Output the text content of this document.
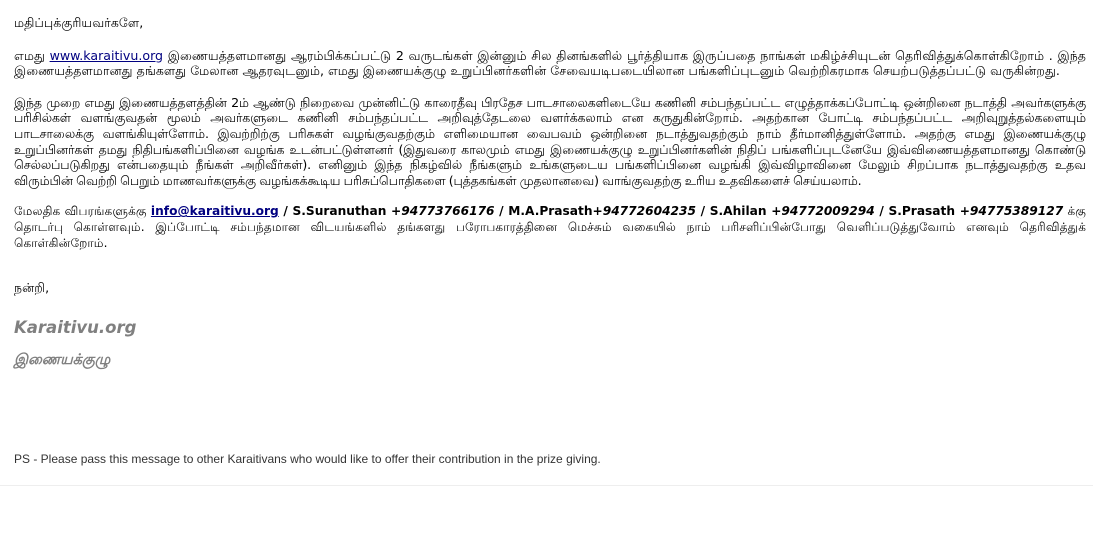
மதிப்புக்குரியவர்களே,

எமது www.karaitivu.org இணையத்தளமானது ஆரம்பிக்கப்பட்டு 2 வருடங்கள் இன்னும் சில தினங்களில் பூர்த்தியாக இருப்பதை நாங்கள் மகிழ்ச்சியுடன் தெரிவித்துக்கொள்கிறோம் . இந்த இணையத்தளமானது தங்களது மேலான ஆதரவுடனும், எமது இணையக்குழு உறுப்பினர்களின் சேவையடிபடையிலான பங்களிப்புடனும் வெற்றிகரமாக செயற்படுத்தப்பட்டு வருகின்றது.

இந்த முறை எமது இணையத்தளத்தின் 2ம் ஆண்டு நிறைவை முன்னிட்டு காரைதீவு பிரதேச பாடசாலைகளிடையே கணினி சம்பந்தப்பட்ட எழுத்தாக்கப்போட்டி ஒன்றினை நடாத்தி அவர்களுக்கு பரிசில்கள் வளங்குவதன் மூலம் அவர்களுடை கணினி சம்பந்தப்பட்ட அறிவுத்தேடலை வளர்க்கலாம் என கருதுகின்றோம். அதற்கான போட்டி சம்பந்தப்பட்ட அறிவுறுத்தல்களையும் பாடசாலைக்கு வளங்கியுள்ளோம். இவற்றிற்கு பரிசுகள் வழங்குவதற்கும் எளிமையான வைபவம் ஒன்றினை நடாத்துவதற்கும் நாம் தீர்மானித்துள்ளோம். அதற்கு எமது இணையக்குழு உறுப்பினர்கள் தமது நிதிபங்களிப்பினை வழங்க உடன்பட்டுள்ளனர் (இதுவரை காலமும் எமது இணையக்குழு உறுப்பினர்களின் நிதிப் பங்களிப்புடனேயே இவ்விணையத்தளமானது கொண்டு செல்லப்படுகிறது என்பதையும் நீங்கள் அறிவீர்கள்). எனினும் இந்த நிகழ்வில் நீங்களும் உங்களுடைய பங்களிப்பினை வழங்கி இவ்விழாவினை மேலும் சிறப்பாக நடாத்துவதற்கு உதவ விரும்பின் வெற்றி பெறும் மாணவர்களுக்கு வழங்கக்கூடிய பரிசுப்பொதிகளை (புத்தகங்கள் முதலானவை) வாங்குவதற்கு உரிய உதவிகளைச் செய்யலாம்.

மேலதிக விபரங்களுக்கு info@karaitivu.org / S.Suranuthan +94773766176 / M.A.Prasath+94772604235 / S.Ahilan +94772009294 / S.Prasath +94775389127 க்கு தொடர்பு கொள்ளவும். இப்போட்டி சம்பந்தமான விடயங்களில் தங்களது பரோபகாரத்தினை மெச்சும் வகையில் நாம் பரிசளிப்பின்போது வெளிப்படுத்துவோம் எனவும் தெரிவித்துக் கொள்கின்றோம்.

நன்றி,

Karaitivu.org

இணையக்குழு

PS - Please pass this message to other Karaitivans who would like to offer their contribution in the prize giving.
